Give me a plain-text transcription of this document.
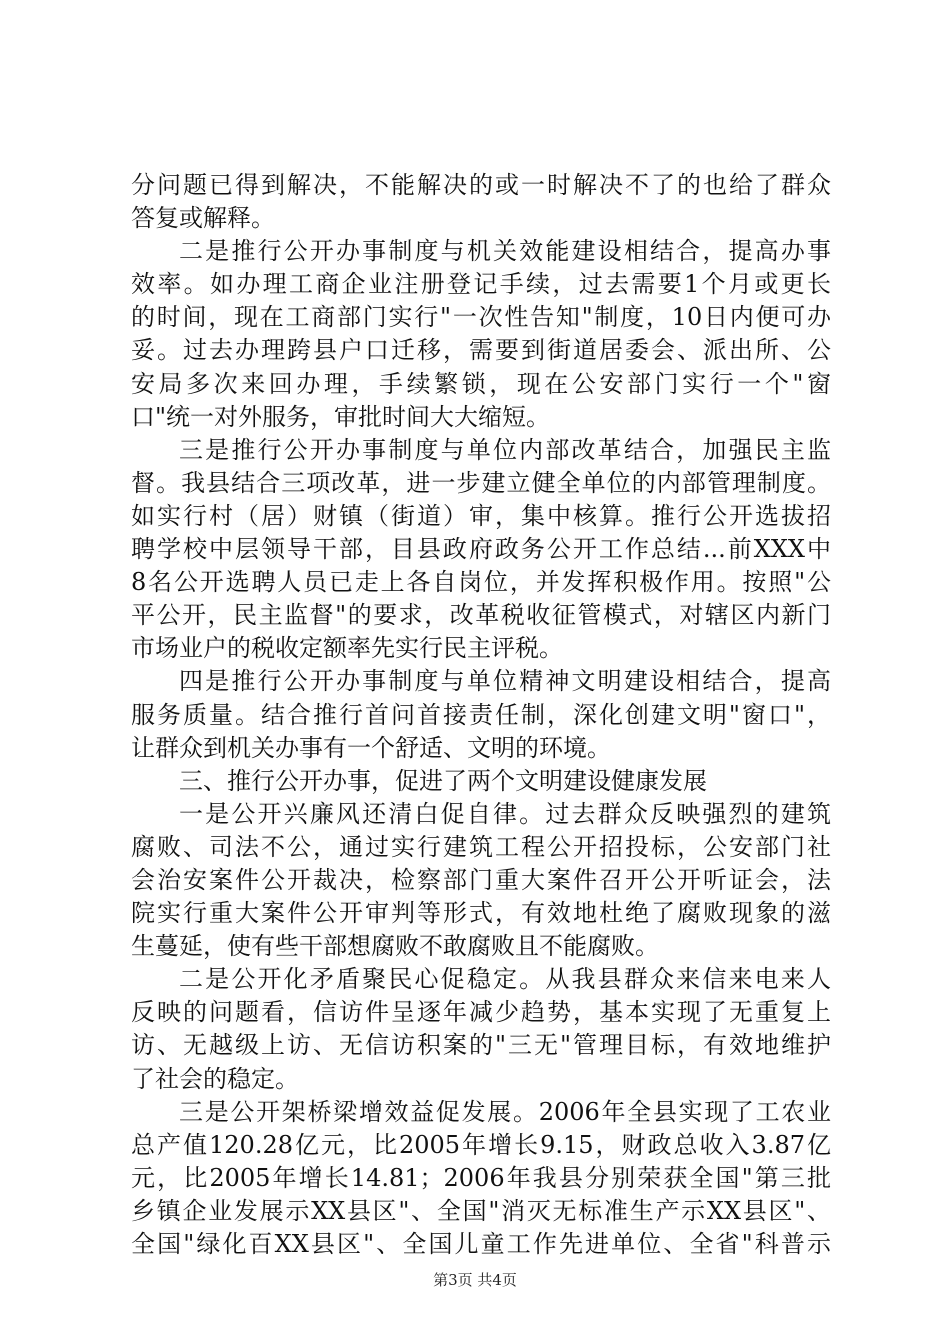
分问题已得到解决，不能解决的或一时解决不了的也给了群众
答复或解释。
二是推行公开办事制度与机关效能建设相结合，提高办事
效率。如办理工商企业注册登记手续，过去需要1个月或更长
的时间，现在工商部门实行"一次性告知"制度，10日内便可办
妥。过去办理跨县户口迁移，需要到街道居委会、派出所、公
安局多次来回办理，手续繁锁，现在公安部门实行一个"窗
口"统一对外服务，审批时间大大缩短。
三是推行公开办事制度与单位内部改革结合，加强民主监
督。我县结合三项改革，进一步建立健全单位的内部管理制度。
如实行村（居）财镇（街道）审，集中核算。推行公开选拔招
聘学校中层领导干部，目县政府政务公开工作总结...前XXX中
8名公开选聘人员已走上各自岗位，并发挥积极作用。按照"公
平公开，民主监督"的要求，改革税收征管模式，对辖区内新门
市场业户的税收定额率先实行民主评税。
四是推行公开办事制度与单位精神文明建设相结合，提高
服务质量。结合推行首问首接责任制，深化创建文明"窗口"，
让群众到机关办事有一个舒适、文明的环境。
三、推行公开办事，促进了两个文明建设健康发展
一是公开兴廉风还清白促自律。过去群众反映强烈的建筑
腐败、司法不公，通过实行建筑工程公开招投标，公安部门社
会治安案件公开裁决，检察部门重大案件召开公开听证会，法
院实行重大案件公开审判等形式，有效地杜绝了腐败现象的滋
生蔓延，使有些干部想腐败不敢腐败且不能腐败。
二是公开化矛盾聚民心促稳定。从我县群众来信来电来人
反映的问题看，信访件呈逐年减少趋势，基本实现了无重复上
访、无越级上访、无信访积案的"三无"管理目标，有效地维护
了社会的稳定。
三是公开架桥梁增效益促发展。2006年全县实现了工农业
总产值120.28亿元，比2005年增长9.15，财政总收入3.87亿
元，比2005年增长14.81；2006年我县分别荣获全国"第三批
乡镇企业发展示XX县区"、全国"消灭无标准生产示XX县区"、
全国"绿化百XX县区"、全国儿童工作先进单位、全省"科普示
第3页 共4页
